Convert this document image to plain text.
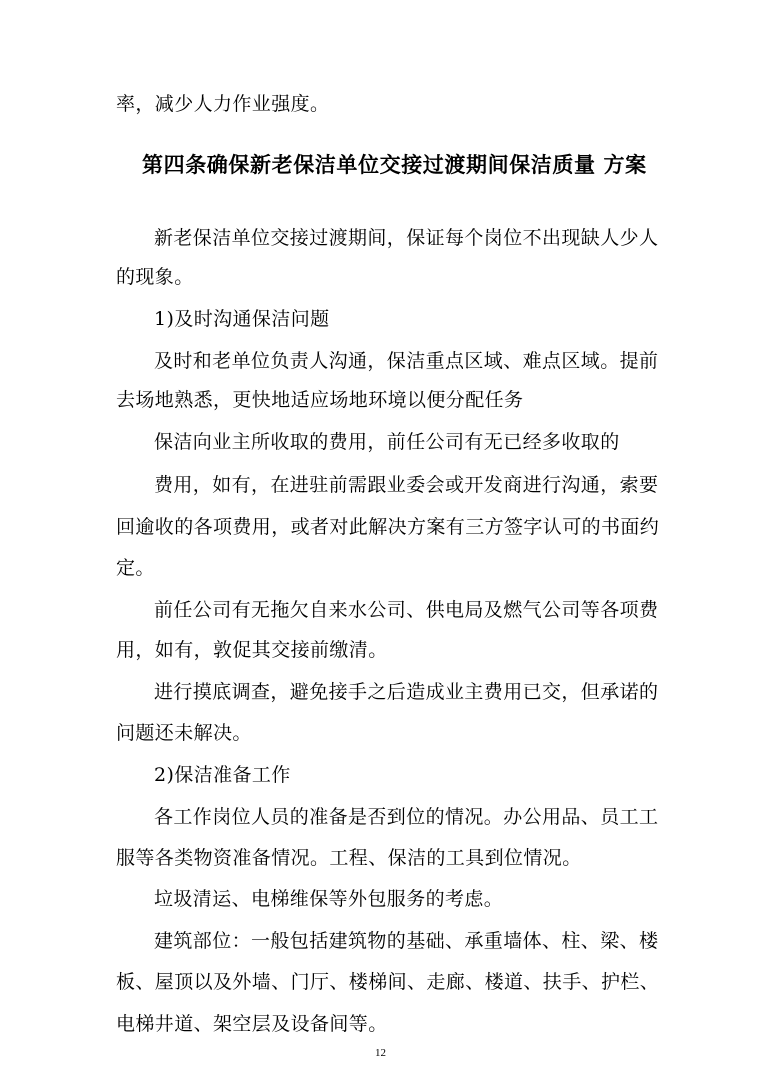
率，减少人力作业强度。
第四条确保新老保洁单位交接过渡期间保洁质量 方案
新老保洁单位交接过渡期间，保证每个岗位不出现缺人少人
的现象。
1)及时沟通保洁问题
及时和老单位负责人沟通，保洁重点区域、难点区域。提前
去场地熟悉，更快地适应场地环境以便分配任务
保洁向业主所收取的费用，前任公司有无已经多收取的
费用，如有，在进驻前需跟业委会或开发商进行沟通，索要
回逾收的各项费用，或者对此解决方案有三方签字认可的书面约
定。
前任公司有无拖欠自来水公司、供电局及燃气公司等各项费
用，如有，敦促其交接前缴清。
进行摸底调查，避免接手之后造成业主费用已交，但承诺的
问题还未解决。
2)保洁准备工作
各工作岗位人员的准备是否到位的情况。办公用品、员工工
服等各类物资准备情况。工程、保洁的工具到位情况。
垃圾清运、电梯维保等外包服务的考虑。
建筑部位：一般包括建筑物的基础、承重墙体、柱、梁、楼
板、屋顶以及外墙、门厅、楼梯间、走廊、楼道、扶手、护栏、
电梯井道、架空层及设备间等。
12
